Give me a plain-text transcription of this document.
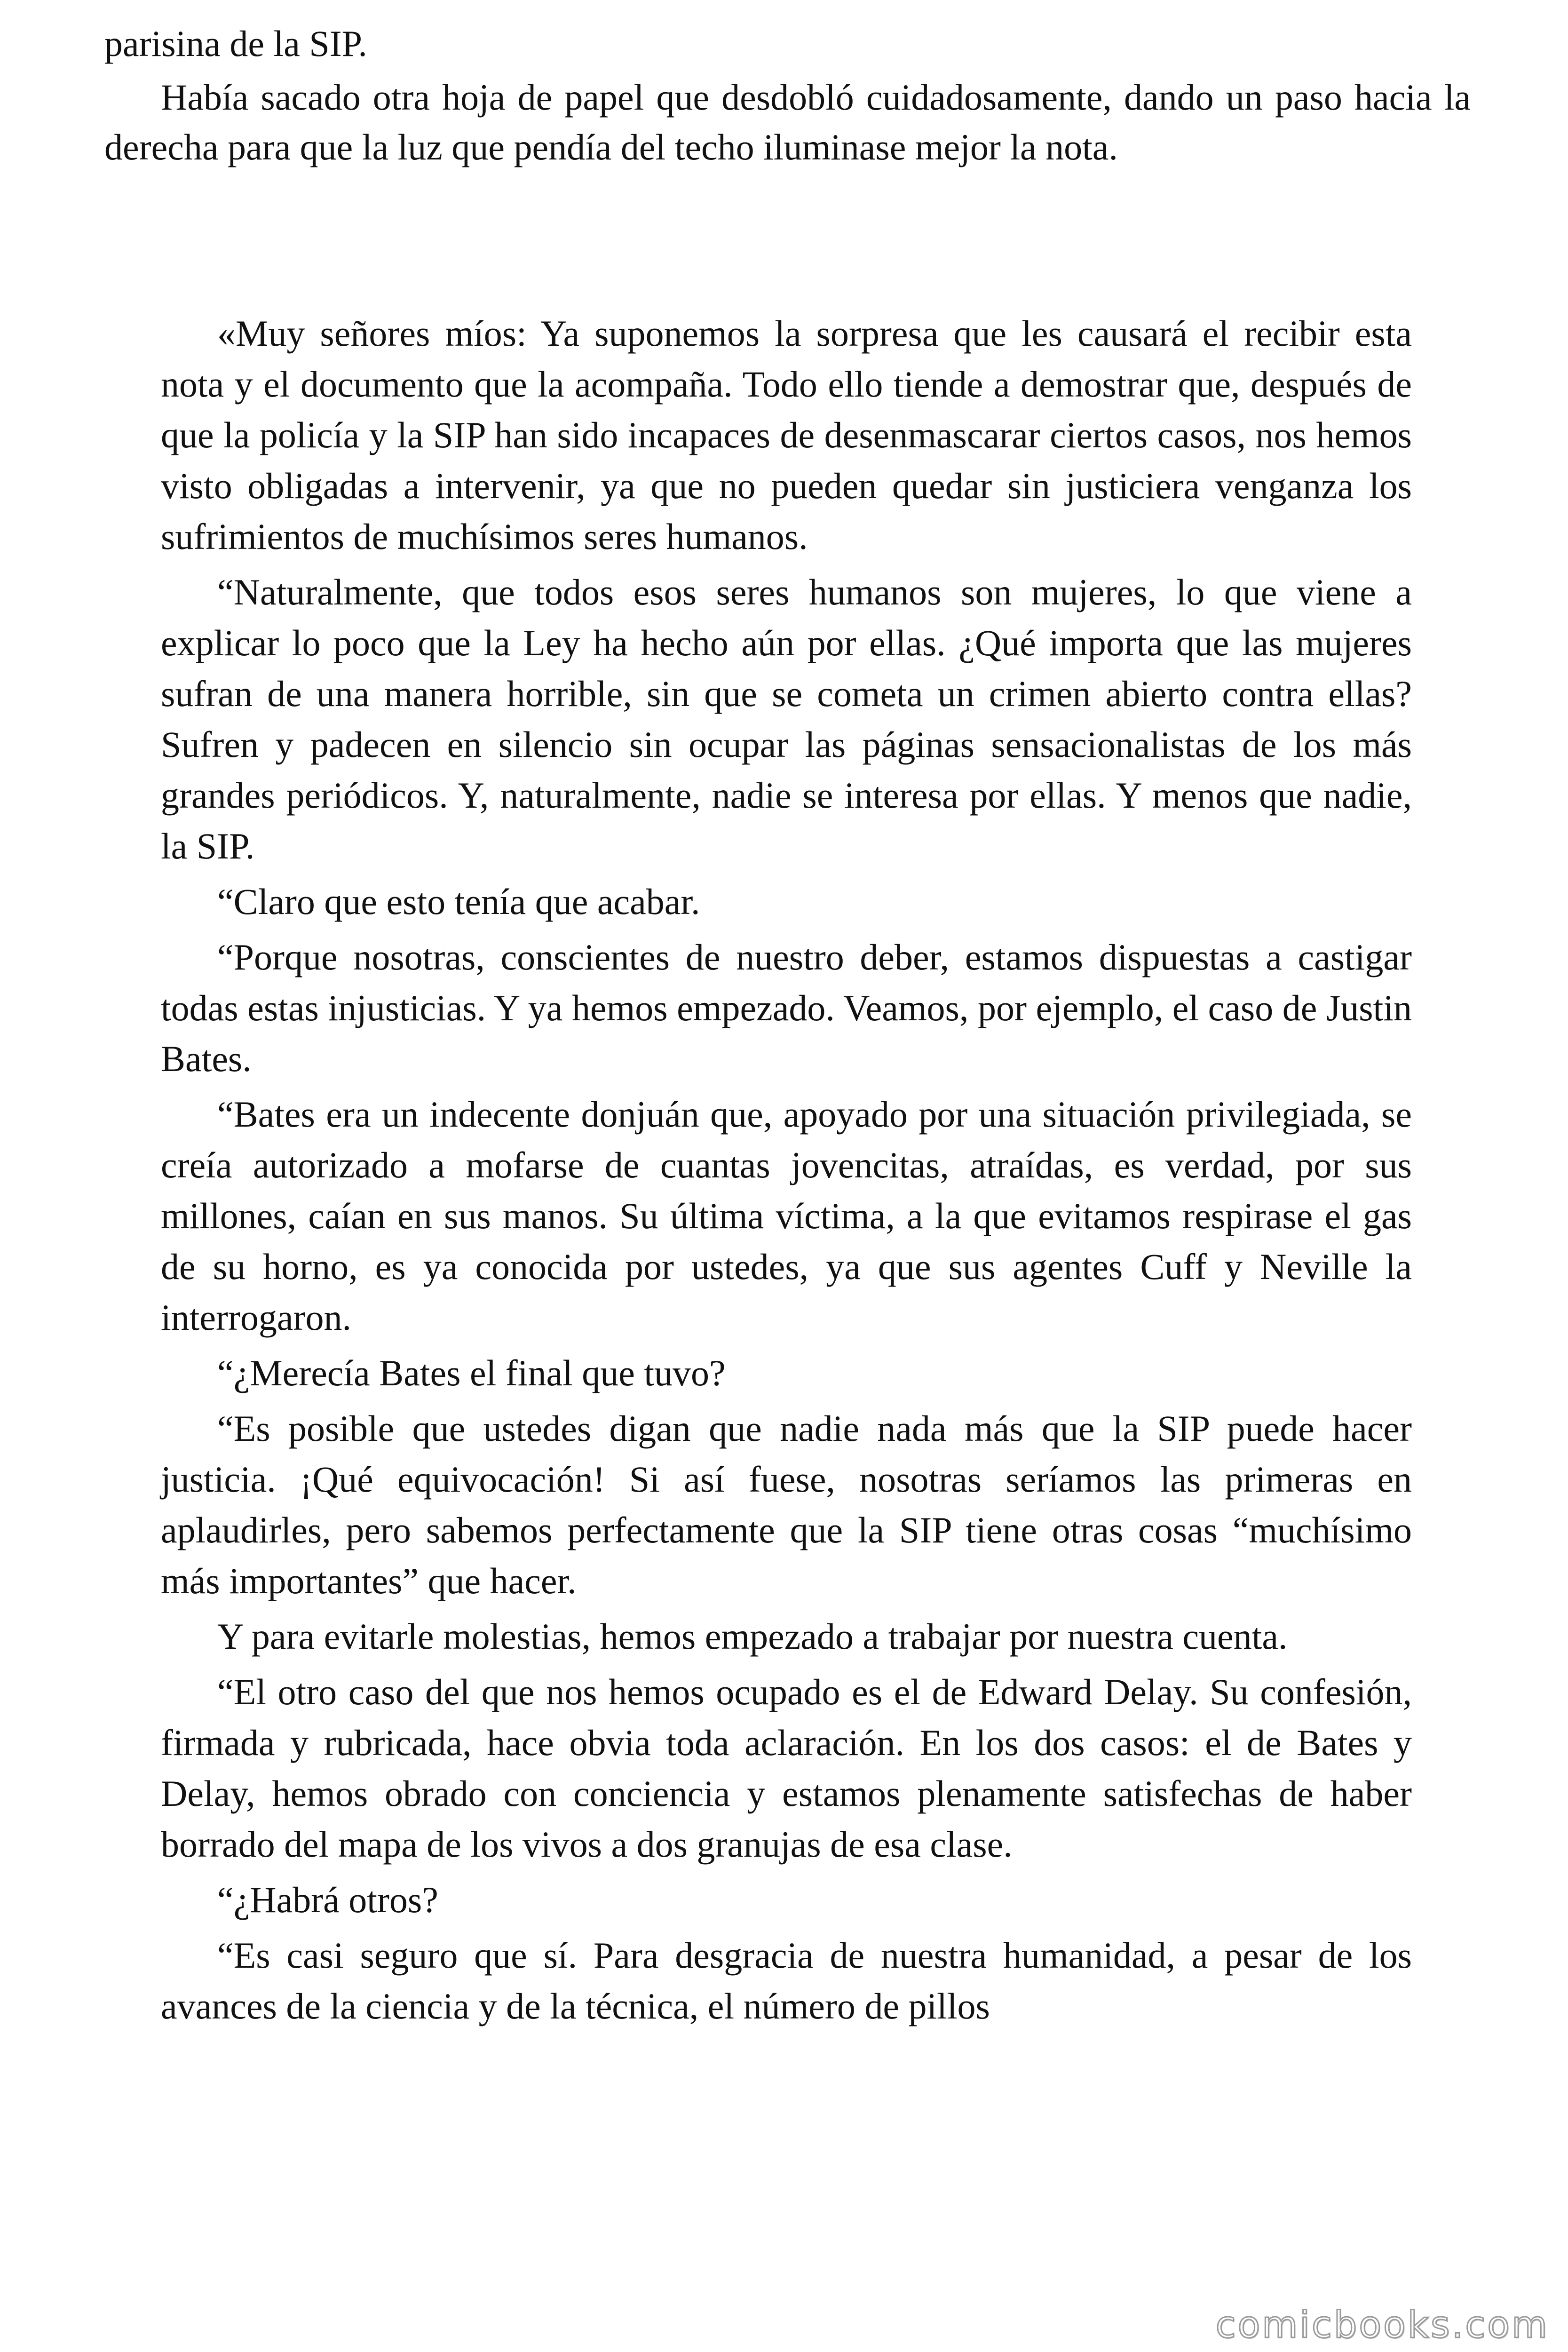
parisina de la SIP.

Había sacado otra hoja de papel que desdobló cuidadosamente, dando un paso hacia la derecha para que la luz que pendía del techo iluminase mejor la nota.

«Muy señores míos: Ya suponemos la sorpresa que les causará el recibir esta nota y el documento que la acompaña. Todo ello tiende a demostrar que, después de que la policía y la SIP han sido incapaces de desenmascarar ciertos casos, nos hemos visto obligadas a intervenir, ya que no pueden quedar sin justiciera venganza los sufrimientos de muchísimos seres humanos.

“Naturalmente, que todos esos seres humanos son mujeres, lo que viene a explicar lo poco que la Ley ha hecho aún por ellas. ¿Qué importa que las mujeres sufran de una manera horrible, sin que se cometa un crimen abierto contra ellas? Sufren y padecen en silencio sin ocupar las páginas sensacionalistas de los más grandes periódicos. Y, naturalmente, nadie se interesa por ellas. Y menos que nadie, la SIP.

“Claro que esto tenía que acabar.

“Porque nosotras, conscientes de nuestro deber, estamos dispuestas a castigar todas estas injusticias. Y ya hemos empezado. Veamos, por ejemplo, el caso de Justin Bates.

“Bates era un indecente donjuán que, apoyado por una situación privilegiada, se creía autorizado a mofarse de cuantas jovencitas, atraídas, es verdad, por sus millones, caían en sus manos. Su última víctima, a la que evitamos respirase el gas de su horno, es ya conocida por ustedes, ya que sus agentes Cuff y Neville la interrogaron.

“¿Merecía Bates el final que tuvo?

“Es posible que ustedes digan que nadie nada más que la SIP puede hacer justicia. ¡Qué equivocación! Si así fuese, nosotras seríamos las primeras en aplaudirles, pero sabemos perfectamente que la SIP tiene otras cosas “muchísimo más importantes” que hacer.

Y para evitarle molestias, hemos empezado a trabajar por nuestra cuenta.

“El otro caso del que nos hemos ocupado es el de Edward Delay. Su confesión, firmada y rubricada, hace obvia toda aclaración. En los dos casos: el de Bates y Delay, hemos obrado con conciencia y estamos plenamente satisfechas de haber borrado del mapa de los vivos a dos granujas de esa clase.

“¿Habrá otros?

“Es casi seguro que sí. Para desgracia de nuestra humanidad, a pesar de los avances de la ciencia y de la técnica, el número de pillos

comicbooks.com
